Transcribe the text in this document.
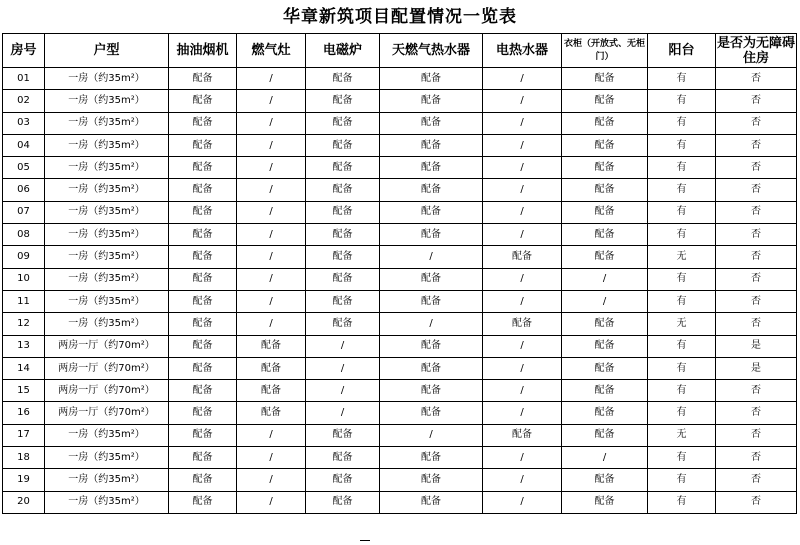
华章新筑项目配置情况一览表
房号	户型	抽油烟机	燃气灶	电磁炉	天燃气热水器	电热水器	衣柜（开放式、无柜门）	阳台	是否为无障碍住房
01	一房（约35m²）	配备	/	配备	配备	/	配备	有	否
02	一房（约35m²）	配备	/	配备	配备	/	配备	有	否
03	一房（约35m²）	配备	/	配备	配备	/	配备	有	否
04	一房（约35m²）	配备	/	配备	配备	/	配备	有	否
05	一房（约35m²）	配备	/	配备	配备	/	配备	有	否
06	一房（约35m²）	配备	/	配备	配备	/	配备	有	否
07	一房（约35m²）	配备	/	配备	配备	/	配备	有	否
08	一房（约35m²）	配备	/	配备	配备	/	配备	有	否
09	一房（约35m²）	配备	/	配备	/	配备	配备	无	否
10	一房（约35m²）	配备	/	配备	配备	/	/	有	否
11	一房（约35m²）	配备	/	配备	配备	/	/	有	否
12	一房（约35m²）	配备	/	配备	/	配备	配备	无	否
13	两房一厅（约70m²）	配备	配备	/	配备	/	配备	有	是
14	两房一厅（约70m²）	配备	配备	/	配备	/	配备	有	是
15	两房一厅（约70m²）	配备	配备	/	配备	/	配备	有	否
16	两房一厅（约70m²）	配备	配备	/	配备	/	配备	有	否
17	一房（约35m²）	配备	/	配备	/	配备	配备	无	否
18	一房（约35m²）	配备	/	配备	配备	/	/	有	否
19	一房（约35m²）	配备	/	配备	配备	/	配备	有	否
20	一房（约35m²）	配备	/	配备	配备	/	配备	有	否
